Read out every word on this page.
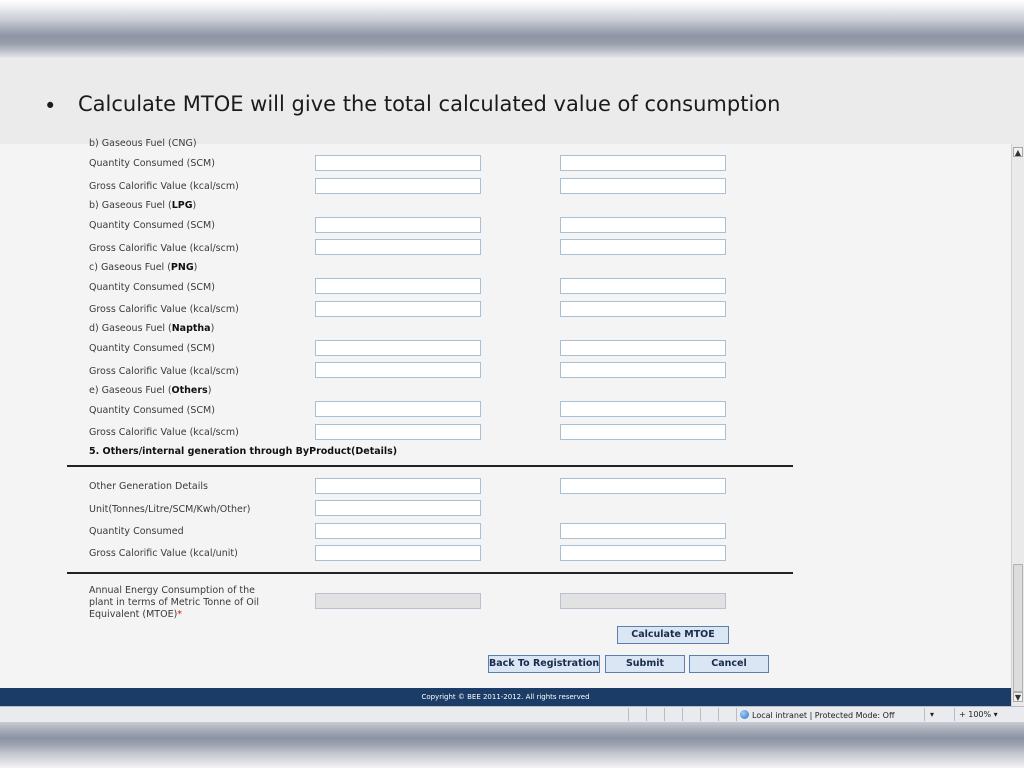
• Calculate MTOE will give the total calculated value of consumption
b) Gaseous Fuel (CNG)
Quantity Consumed (SCM)
Gross Calorific Value (kcal/scm)
b) Gaseous Fuel (LPG)
Quantity Consumed (SCM)
Gross Calorific Value (kcal/scm)
c) Gaseous Fuel (PNG)
Quantity Consumed (SCM)
Gross Calorific Value (kcal/scm)
d) Gaseous Fuel (Naptha)
Quantity Consumed (SCM)
Gross Calorific Value (kcal/scm)
e) Gaseous Fuel (Others)
Quantity Consumed (SCM)
Gross Calorific Value (kcal/scm)
5. Others/internal generation through ByProduct(Details)
Other Generation Details
Unit(Tonnes/Litre/SCM/Kwh/Other)
Quantity Consumed
Gross Calorific Value (kcal/unit)
Annual Energy Consumption of the
plant in terms of Metric Tonne of Oil
Equivalent (MTOE)*
Calculate MTOE
Back To Registration	Submit	Cancel
▲
▼
Copyright © BEE 2011-2012. All rights reserved
Local intranet | Protected Mode: Off	▾	+ 100% ▾
